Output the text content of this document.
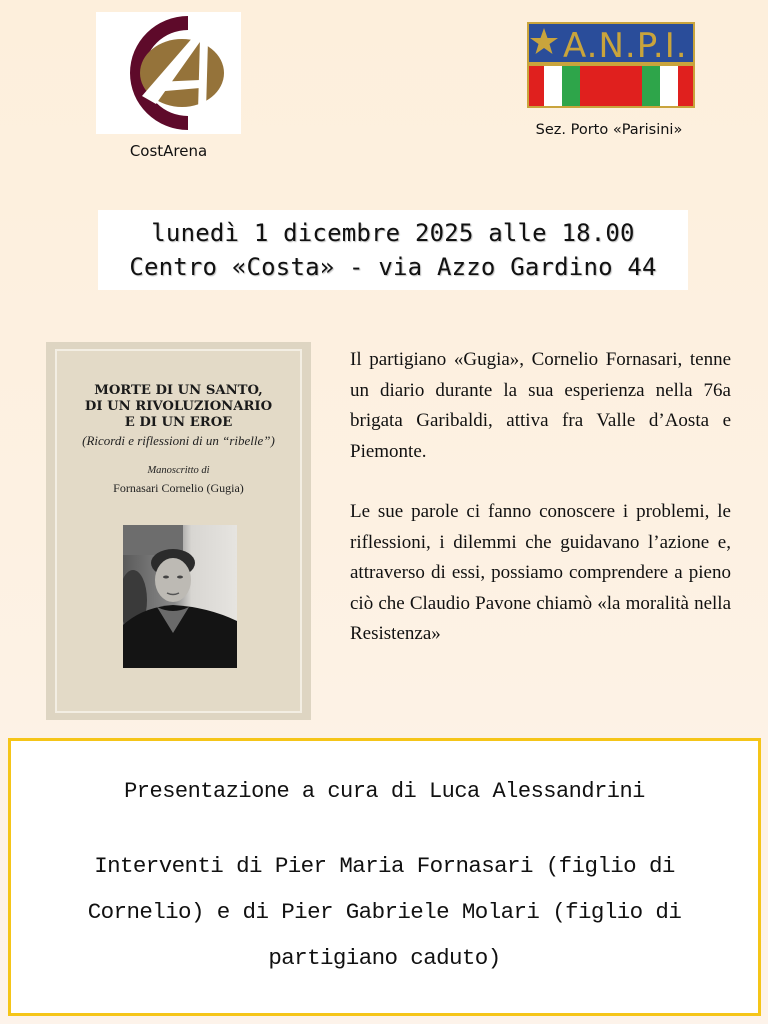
CostArena
A.N.P.I.
Sez. Porto «Parisini»
lunedì 1 dicembre 2025 alle 18.00
Centro «Costa» - via Azzo Gardino 44
MORTE DI UN SANTO,
DI UN RIVOLUZIONARIO
E DI UN EROE
(Ricordi e riflessioni di un “ribelle”)
Manoscritto di
Fornasari Cornelio (Gugia)

Il partigiano «Gugia», Cornelio Fornasari, tenne un diario durante la sua esperienza nella 76a brigata Garibaldi, attiva fra Valle d’Aosta e Piemonte.

Le sue parole ci fanno conoscere i problemi, le riflessioni, i dilemmi che guidavano l’azione e, attraverso di essi, possiamo comprendere a pieno ciò che Claudio Pavone chiamò «la moralità nella Resistenza»

Presentazione a cura di Luca Alessandrini
Interventi di Pier Maria Fornasari (figlio di Cornelio) e di Pier Gabriele Molari (figlio di partigiano caduto)
